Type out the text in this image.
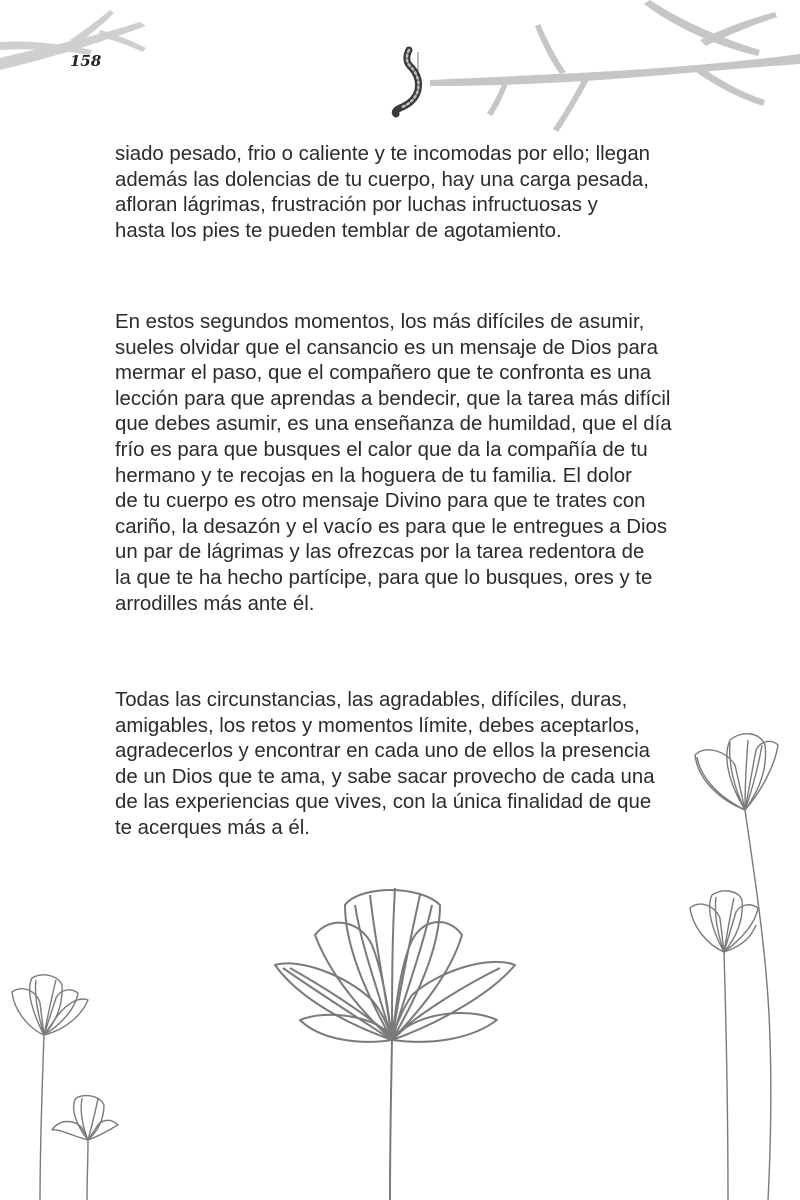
158

siado pesado, frio o caliente y te incomodas por ello; llegan
además las dolencias de tu cuerpo, hay una carga pesada,
afloran lágrimas, frustración por luchas infructuosas y
hasta los pies te pueden temblar de agotamiento.

En estos segundos momentos, los más difíciles de asumir,
sueles olvidar que el cansancio es un mensaje de Dios para
mermar el paso, que el compañero que te confronta es una
lección para que aprendas a bendecir, que la tarea más difícil
que debes asumir, es una enseñanza de humildad, que el día
frío es para que busques el calor que da la compañía de tu
hermano y te recojas en la hoguera de tu familia. El dolor
de tu cuerpo es otro mensaje Divino para que te trates con
cariño, la desazón y el vacío es para que le entregues a Dios
un par de lágrimas y las ofrezcas por la tarea redentora de
la que te ha hecho partícipe, para que lo busques, ores y te
arrodilles más ante él.

Todas las circunstancias, las agradables, difíciles, duras,
amigables, los retos y momentos límite, debes aceptarlos,
agradecerlos y encontrar en cada uno de ellos la presencia
de un Dios que te ama, y sabe sacar provecho de cada una
de las experiencias que vives, con la única finalidad de que
te acerques más a él.
